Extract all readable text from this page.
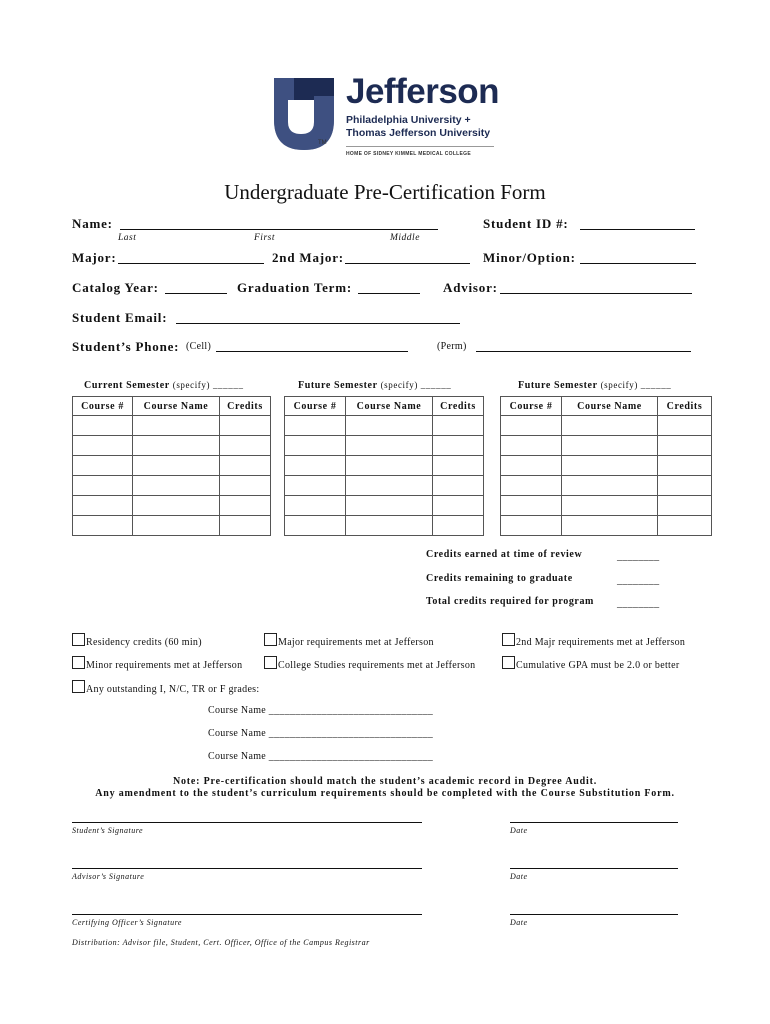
TM
Jefferson
Philadelphia University +
Thomas Jefferson University
HOME OF SIDNEY KIMMEL MEDICAL COLLEGE
Undergraduate Pre-Certification Form
Name:
Last	First	Middle
Student ID #:
Major:	2nd Major:	Minor/Option:
Catalog Year:	Graduation Term:	Advisor:
Student Email:
Student’s Phone: (Cell)	(Perm)
Current Semester (specify) ______	Future Semester (specify) ______	Future Semester (specify) ______
Course #	Course Name	Credits

			Course #	Course Name	Credits

			Course #	Course Name	Credits

Credits earned at time of review	________
Credits remaining to graduate	________
Total credits required for program ________
Residency credits (60 min)	Major requirements met at Jefferson	2nd Majr requirements met at Jefferson
Minor requirements met at Jefferson	College Studies requirements met at Jefferson	Cumulative GPA must be 2.0 or better
Any outstanding I, N/C, TR or F grades:
Course Name _______________________________
Course Name _______________________________
Course Name _______________________________
Note: Pre-certification should match the student’s academic record in Degree Audit.
Any amendment to the student’s curriculum requirements should be completed with the Course Substitution Form.
Student’s Signature	Date
Advisor’s Signature	Date
Certifying Officer’s Signature	Date
Distribution: Advisor file, Student, Cert. Officer, Office of the Campus Registrar
